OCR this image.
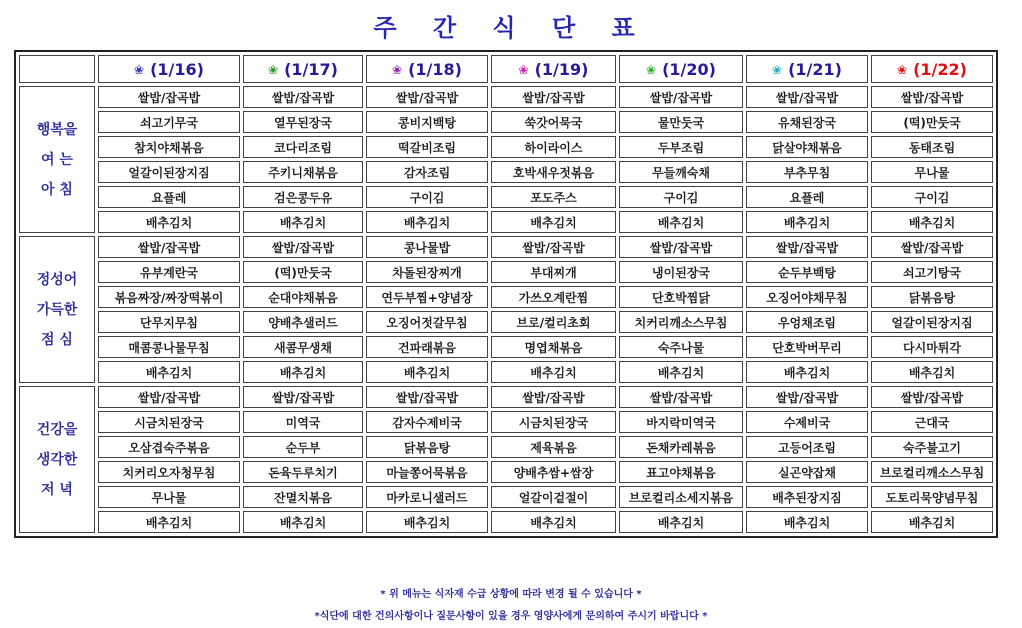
주 간 식 단 표
	❀ (1/16)	❀ (1/17)	❀ (1/18)	❀ (1/19)	❀ (1/20)	❀ (1/21)	❀ (1/22)

행복을
여 는
아 침	쌀밥/잡곡밥	쌀밥/잡곡밥	쌀밥/잡곡밥	쌀밥/잡곡밥	쌀밥/잡곡밥	쌀밥/잡곡밥	쌀밥/잡곡밥
	쇠고기무국	열무된장국	콩비지백탕	쑥갓어묵국	물만둣국	유채된장국	(떡)만둣국
	참치야채볶음	코다리조림	떡갈비조림	하이라이스	두부조림	닭살야채볶음	동태조림
	얼갈이된장지짐	주키니채볶음	감자조림	호박새우젓볶음	무들깨숙채	부추무침	무나물
	요플레	검은콩두유	구이김	포도주스	구이김	요플레	구이김
	배추김치	배추김치	배추김치	배추김치	배추김치	배추김치	배추김치

정성어
가득한
점 심	쌀밥/잡곡밥	쌀밥/잡곡밥	콩나물밥	쌀밥/잡곡밥	쌀밥/잡곡밥	쌀밥/잡곡밥	쌀밥/잡곡밥
	유부계란국	(떡)만둣국	차돌된장찌개	부대찌개	냉이된장국	순두부백탕	쇠고기탕국
	볶음짜장/짜장떡볶이	순대야채볶음	연두부찜+양념장	가쓰오계란찜	단호박찜닭	오징어야채무침	닭볶음탕
	단무지무침	양배추샐러드	오징어젓갈무침	브로/컬리초회	치커리깨소스무침	우엉채조림	얼갈이된장지짐
	매콤콩나물무침	새콤무생채	건파래볶음	명엽채볶음	숙주나물	단호박버무리	다시마튀각
	배추김치	배추김치	배추김치	배추김치	배추김치	배추김치	배추김치

건강을
생각한
저 녁	쌀밥/잡곡밥	쌀밥/잡곡밥	쌀밥/잡곡밥	쌀밥/잡곡밥	쌀밥/잡곡밥	쌀밥/잡곡밥	쌀밥/잡곡밥
	시금치된장국	미역국	감자수제비국	시금치된장국	바지락미역국	수제비국	근대국
	오삼겹숙주볶음	순두부	닭볶음탕	제육볶음	돈채카레볶음	고등어조림	숙주불고기
	치커리오자청무침	돈육두루치기	마늘쫑어묵볶음	양배추쌈+쌈장	표고야채볶음	실곤약잡채	브로컬리깨소스무침
	무나물	잔멸치볶음	마카로니샐러드	얼갈이겉절이	브로컬리소세지볶음	배추된장지짐	도토리묵양념무침
	배추김치	배추김치	배추김치	배추김치	배추김치	배추김치	배추김치
* 위 메뉴는 식자재 수급 상황에 따라 변경 될 수 있습니다 *
*식단에 대한 건의사항이나 질문사항이 있을 경우 영양사에게 문의하여 주시기 바랍니다 *
